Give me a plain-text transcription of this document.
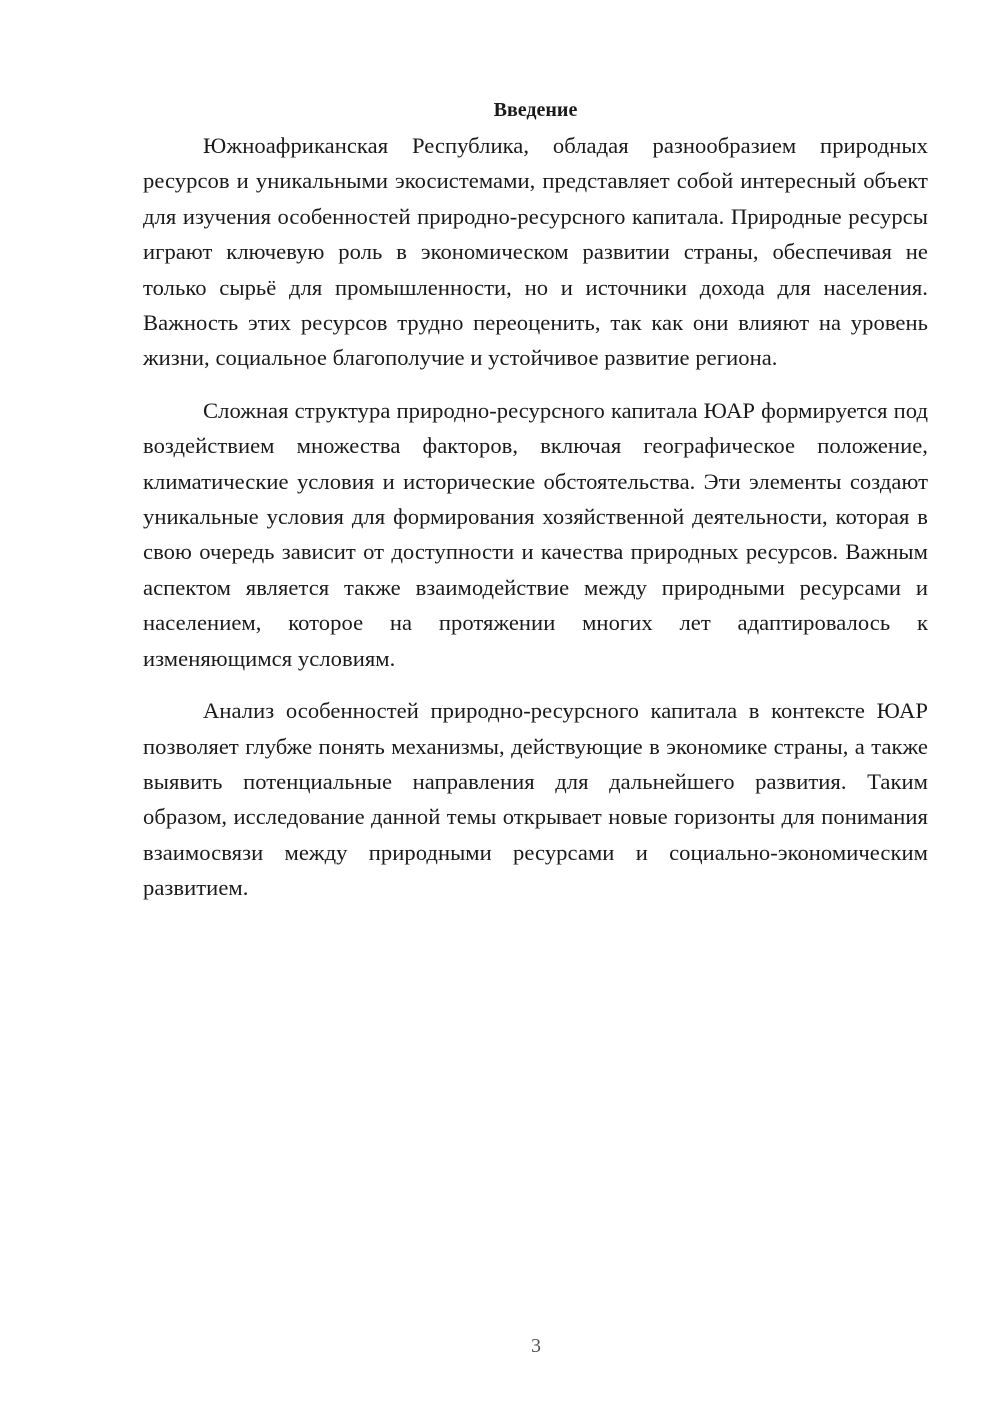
Введение

Южноафриканская Республика, обладая разнообразием природных ресурсов и уникальными экосистемами, представляет собой интересный объект для изучения особенностей природно-ресурсного капитала. Природные ресурсы играют ключевую роль в экономическом развитии страны, обеспечивая не только сырьё для промышленности, но и источники дохода для населения. Важность этих ресурсов трудно переоценить, так как они влияют на уровень жизни, социальное благополучие и устойчивое развитие региона.

Сложная структура природно-ресурсного капитала ЮАР формируется под воздействием множества факторов, включая географическое положение, климатические условия и исторические обстоятельства. Эти элементы создают уникальные условия для формирования хозяйственной деятельности, которая в свою очередь зависит от доступности и качества природных ресурсов. Важным аспектом является также взаимодействие между природными ресурсами и населением, которое на протяжении многих лет адаптировалось к изменяющимся условиям.

Анализ особенностей природно-ресурсного капитала в контексте ЮАР позволяет глубже понять механизмы, действующие в экономике страны, а также выявить потенциальные направления для дальнейшего развития. Таким образом, исследование данной темы открывает новые горизонты для понимания взаимосвязи между природными ресурсами и социально-экономическим развитием.

3
